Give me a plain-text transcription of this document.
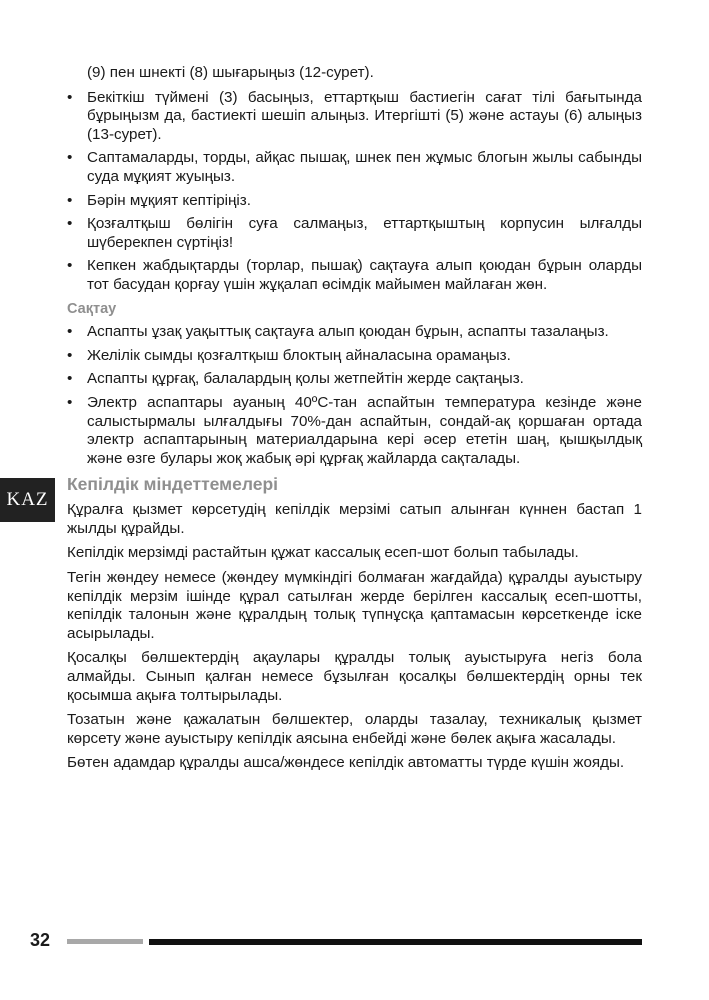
(9) пен шнекті (8) шығарыңыз (12-сурет).
• Бекіткіш түймені (3) басыңыз, еттартқыш бастиегін сағат тілі бағытында бұрыңызм да, бастиекті шешіп алыңыз. Итергішті (5) және астауы (6) алыңыз (13-сурет).
• Саптамаларды, торды, айқас пышақ, шнек пен жұмыс блогын жылы сабынды суда мұқият жуыңыз.
• Бәрін мұқият кептіріңіз.
• Қозғалтқыш бөлігін суға салмаңыз, еттартқыштың корпусин ылғалды шүберекпен сүртіңіз!
• Кепкен жабдықтарды (торлар, пышақ) сақтауға алып қоюдан бұрын оларды тот басудан қорғау үшін жұқалап өсімдік майымен майлаған жөн.
Сақтау
• Аспапты ұзақ уақыттық сақтауға алып қоюдан бұрын, аспапты тазалаңыз.
• Желілік сымды қозғалтқыш блоктың айналасына орамаңыз.
• Аспапты құрғақ, балалардың қолы жетпейтін жерде сақтаңыз.
• Электр аспаптары ауаның 40ºС-тан аспайтын температура кезінде және салыстырмалы ылғалдығы 70%-дан аспайтын, сондай-ақ қоршаған ортада электр аспаптарының материалдарына кері әсер ететін шаң, қышқылдық және өзге булары жоқ жабық әрі құрғақ жайларда сақталады.
Кепілдік міндеттемелері

Құралға қызмет көрсетудің кепілдік мерзімі сатып алынған күннен бастап 1 жылды құрайды.

Кепілдік мерзімді растайтын құжат кассалық есеп-шот болып табылады.

Тегін жөндеу немесе (жөндеу мүмкіндігі болмаған жағдайда) құралды ауыстыру кепілдік мерзім ішінде құрал сатылған жерде берілген кассалық есеп-шотты, кепілдік талонын және құралдың толық түпнұсқа қаптамасын көрсеткенде іске асырылады.

Қосалқы бөлшектердің ақаулары құралды толық ауыстыруға негіз бола алмайды. Сынып қалған немесе бұзылған қосалқы бөлшектердің орны тек қосымша ақыға толтырылады.

Тозатын және қажалатын бөлшектер, оларды тазалау, техникалық қызмет көрсету және ауыстыру кепілдік аясына енбейді және бөлек ақыға жасалады.

Бөтен адамдар құралды ашса/жөндесе кепілдік автоматты түрде күшін жояды.

KAZ
32
